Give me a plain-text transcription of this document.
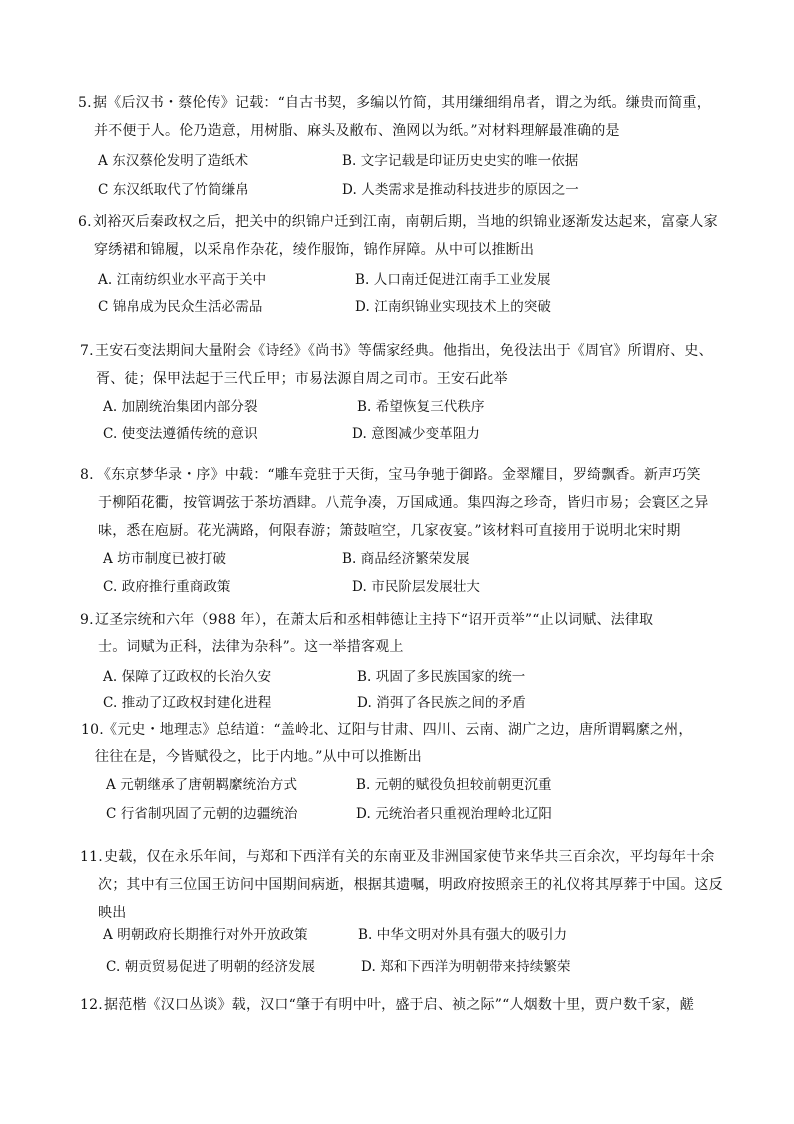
5. 据《后汉书・蔡伦传》记载：“自古书契，多编以竹简，其用缣细绢帛者，谓之为纸。缣贵而简重，
并不便于人。伦乃造意，用树脂、麻头及敝布、渔网以为纸。”对材料理解最准确的是
A 东汉蔡伦发明了造纸术	B. 文字记载是印证历史史实的唯一依据
C 东汉纸取代了竹简缣帛	D. 人类需求是推动科技进步的原因之一
6. 刘裕灭后秦政权之后，把关中的织锦户迁到江南，南朝后期，当地的织锦业逐渐发达起来，富豪人家
穿绣裙和锦履，以采帛作杂花，绫作服饰，锦作屏障。从中可以推断出
A. 江南纺织业水平高于关中	B. 人口南迁促进江南手工业发展
C 锦帛成为民众生活必需品	D. 江南织锦业实现技术上的突破
7. 王安石变法期间大量附会《诗经》《尚书》等儒家经典。他指出，免役法出于《周官》所谓府、史、
胥、徒；保甲法起于三代丘甲；市易法源自周之司市。王安石此举
A. 加剧统治集团内部分裂	B. 希望恢复三代秩序
C. 使变法遵循传统的意识	D. 意图减少变革阻力
8. 《东京梦华录・序》中载：“雕车竞驻于天街，宝马争驰于御路。金翠耀目，罗绮飘香。新声巧笑
于柳陌花衢，按管调弦于茶坊酒肆。八荒争凑，万国咸通。集四海之珍奇，皆归市易；会寰区之异
味，悉在庖厨。花光满路，何限春游；箫鼓喧空，几家夜宴。”该材料可直接用于说明北宋时期
A 坊市制度已被打破	B. 商品经济繁荣发展
C. 政府推行重商政策	D. 市民阶层发展壮大
9. 辽圣宗统和六年（988 年），在萧太后和丞相韩德让主持下“诏开贡举”“止以词赋、法律取
士。词赋为正科，法律为杂科”。这一举措客观上
A. 保障了辽政权的长治久安	B. 巩固了多民族国家的统一
C. 推动了辽政权封建化进程	D. 消弭了各民族之间的矛盾
10. 《元史・地理志》总结道：“盖岭北、辽阳与甘肃、四川、云南、湖广之边，唐所谓羁縻之州，
往往在是，今皆赋役之，比于内地。”从中可以推断出
A 元朝继承了唐朝羁縻统治方式	B. 元朝的赋役负担较前朝更沉重
C 行省制巩固了元朝的边疆统治	D. 元统治者只重视治理岭北辽阳
11. 史载，仅在永乐年间，与郑和下西洋有关的东南亚及非洲国家使节来华共三百余次，平均每年十余
次；其中有三位国王访问中国期间病逝，根据其遗嘱，明政府按照亲王的礼仪将其厚葬于中国。这反
映出
A 明朝政府长期推行对外开放政策	B. 中华文明对外具有强大的吸引力
C. 朝贡贸易促进了明朝的经济发展	D. 郑和下西洋为明朝带来持续繁荣
12. 据范楷《汉口丛谈》载，汉口“肇于有明中叶，盛于启、祯之际”“人烟数十里，贾户数千家，鹾
